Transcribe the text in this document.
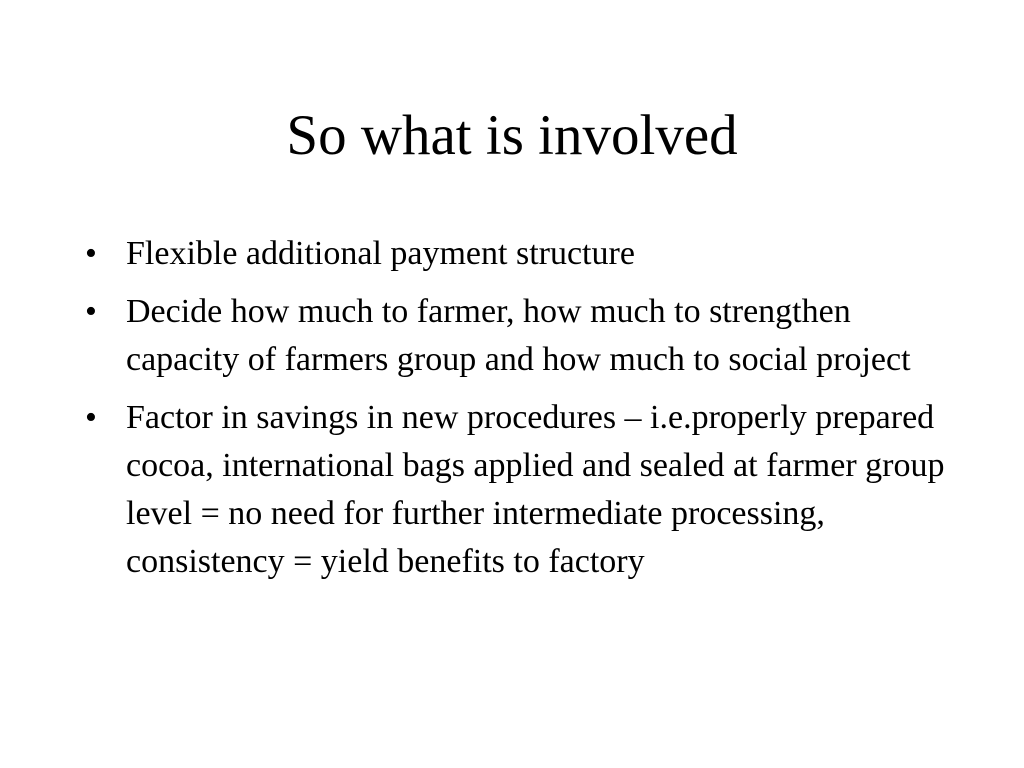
So what is involved
• Flexible additional payment structure
• Decide how much to farmer, how much to strengthen capacity of farmers group and how much to social project
• Factor in savings in new procedures – i.e.properly prepared cocoa, international bags applied and sealed at farmer group level = no need for further intermediate processing, consistency = yield benefits to factory
